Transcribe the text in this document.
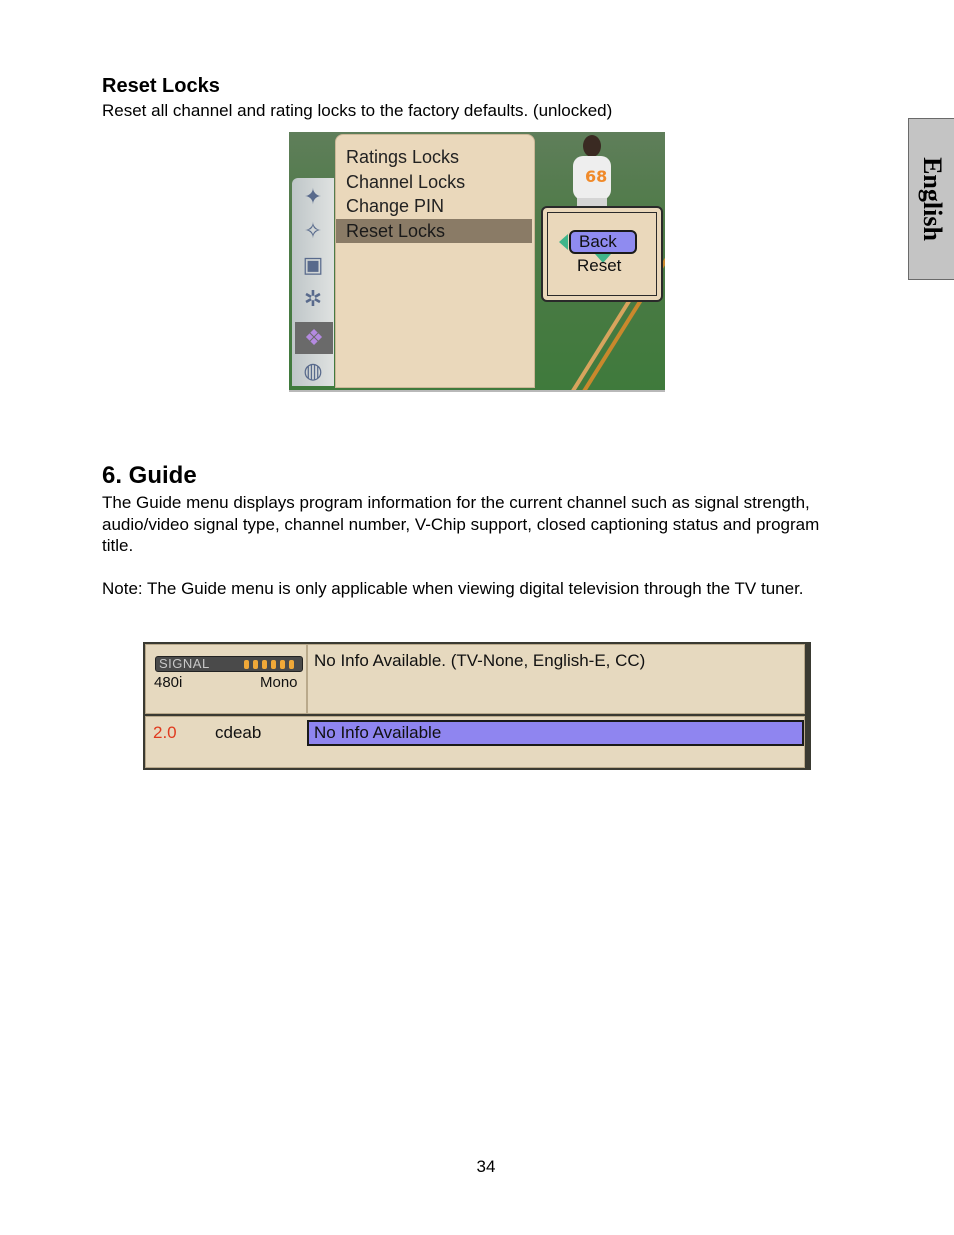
English
Reset Locks
Reset all channel and rating locks to the factory defaults. (unlocked)
68
✦
✧
▣
✲
❖
◍
Ratings Locks
Channel Locks
Change PIN
Reset Locks
Back
Reset
6. Guide
The Guide menu displays program information for the current channel such as signal strength, audio/video signal type, channel number, V-Chip support, closed captioning status and program title.
Note: The Guide menu is only applicable when viewing digital television through the TV tuner.
SIGNAL
480i	Mono
No Info Available. (TV-None, English-E, CC)
2.0 cdeab	No Info Available
34
